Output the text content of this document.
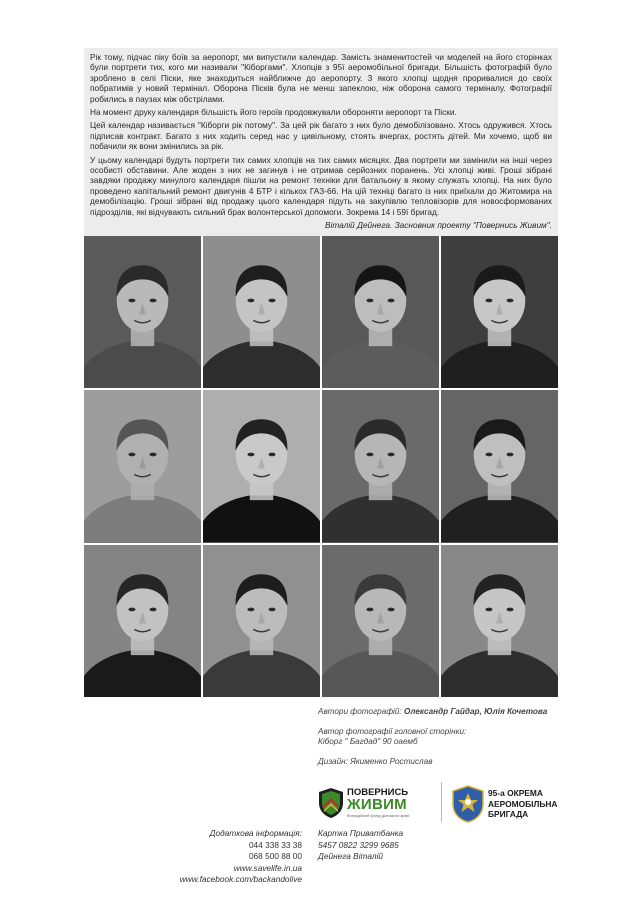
Рік тому, підчас піку боїв за аеропорт, ми випустили календар. Замість знаменитостей чи моделей на його сторінках були портрети тих, кого ми називали "Кіборгами". Хлопців з 95ї аеромобільної бригади. Більшість фотографій було зроблено в селі Піски, яке знаходиться найближче до аеропорту. З якого хлопці щодня проривалися до своїх побратимів у новий термінал. Оборона Пісків була не менш запеклою, ніж оборона самого терміналу. Фотографії робились в паузах між обстрілами.

На момент друку календаря більшість його героїв продовжували обороняти аеропорт та Піски.

Цей календар називається "Кіборги рік потому". За цей рік багато з них було демобілізовано. Хтось одружився. Хтось підписав контракт. Багато з них ходить серед нас у цивільному, стоять вчергах, ростять дітей. Ми хочемо, щоб ви побачили як вони змінились за рік.

У цьому календарі будуть портрети тих самих хлопців на тих самих місяцях. Два портрети ми замінили на інші через особисті обставини. Але жоден з них не загинув і не отримав серйозних поранень. Усі хлопці живі. Гроші зібрані завдяки продажу минулого календаря пішли на ремонт техніки для батальону в якому служать хлопці. На них було проведено капітальний ремонт двигунів 4 БТР і кількох ГАЗ-66. На цій техніці багато із них приїхали до Житомира на демобілізацію. Гроші зібрані від продажу цього календаря підуть на закупівлю тепловізорів для новосформованих підрозділів, які відчувають сильний брак волонтерської допомоги. Зокрема 14 і 59ї бригад.

Віталій Дейнега. Засновник проекту "Повернись Живим".

Автори фотографій: Олександр Гайдар, Юлія Кочетова
Автор фотографії головної сторінки:
Кіборг " Багдад" 90 оаемб
Дизайн: Якименко Ростислав
ПОВЕРНИСЬ
ЖИВИМ
благодійний фонд допомоги армії
95-а ОКРЕМА
АЕРОМОБІЛЬНА
БРИГАДА
Додаткова інформація:
044 338 33 38
068 500 88 00
www.savelife.in.ua
www.facebook.com/backandolive
Картка Приватбанка
5457 0822 3299 9685
Дейнега Віталій
